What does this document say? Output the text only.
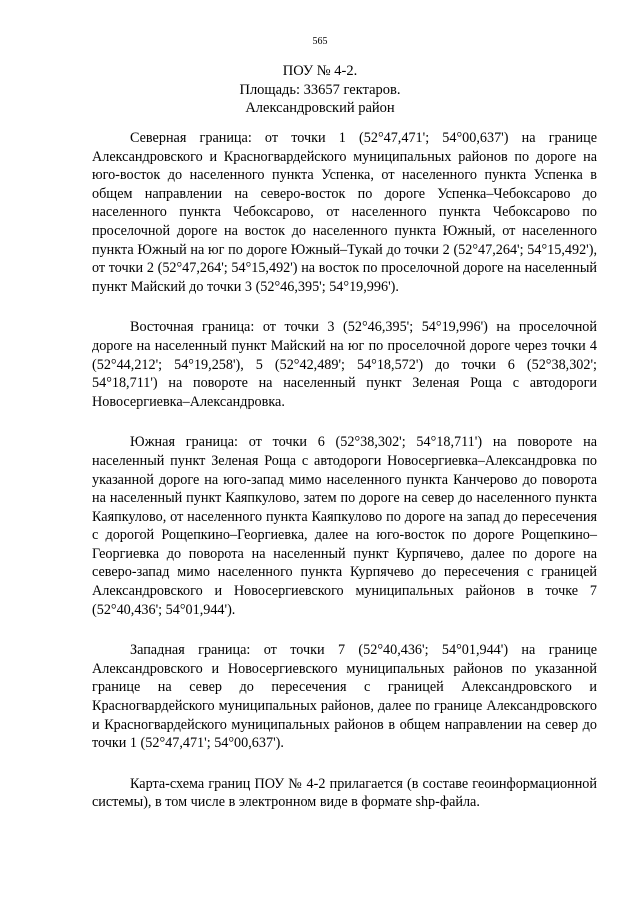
565
ПОУ № 4-2.
Площадь: 33657 гектаров.
Александровский район

Северная граница: от точки 1 (52°47,471'; 54°00,637') на границе Александровского и Красногвардейского муниципальных районов по дороге на юго-восток до населенного пункта Успенка, от населенного пункта Успенка в общем направлении на северо-восток по дороге Успенка–Чебоксарово до населенного пункта Чебоксарово, от населенного пункта Чебоксарово по проселочной дороге на восток до населенного пункта Южный, от населенного пункта Южный на юг по дороге Южный–Тукай до точки 2 (52°47,264'; 54°15,492'), от точки 2 (52°47,264'; 54°15,492') на восток по проселочной дороге на населенный пункт Майский до точки 3 (52°46,395'; 54°19,996').

Восточная граница: от точки 3 (52°46,395'; 54°19,996') на проселочной дороге на населенный пункт Майский на юг по проселочной дороге через точки 4 (52°44,212'; 54°19,258'), 5 (52°42,489'; 54°18,572') до точки 6 (52°38,302'; 54°18,711') на повороте на населенный пункт Зеленая Роща с автодороги Новосергиевка–Александровка.

Южная граница: от точки 6 (52°38,302'; 54°18,711') на повороте на населенный пункт Зеленая Роща с автодороги Новосергиевка–Александровка по указанной дороге на юго-запад мимо населенного пункта Канчерово до поворота на населенный пункт Каяпкулово, затем по дороге на север до населенного пункта Каяпкулово, от населенного пункта Каяпкулово по дороге на запад до пересечения с дорогой Рощепкино–Георгиевка, далее на юго-восток по дороге Рощепкино–Георгиевка до поворота на населенный пункт Курпячево, далее по дороге на северо-запад мимо населенного пункта Курпячево до пересечения с границей Александровского и Новосергиевского муниципальных районов в точке 7 (52°40,436'; 54°01,944').

Западная граница: от точки 7 (52°40,436'; 54°01,944') на границе Александровского и Новосергиевского муниципальных районов по указанной границе на север до пересечения с границей Александровского и Красногвардейского муниципальных районов, далее по границе Александровского и Красногвардейского муниципальных районов в общем направлении на север до точки 1 (52°47,471'; 54°00,637').

Карта-схема границ ПОУ № 4-2 прилагается (в составе геоинформационной системы), в том числе в электронном виде в формате shp-файла.
